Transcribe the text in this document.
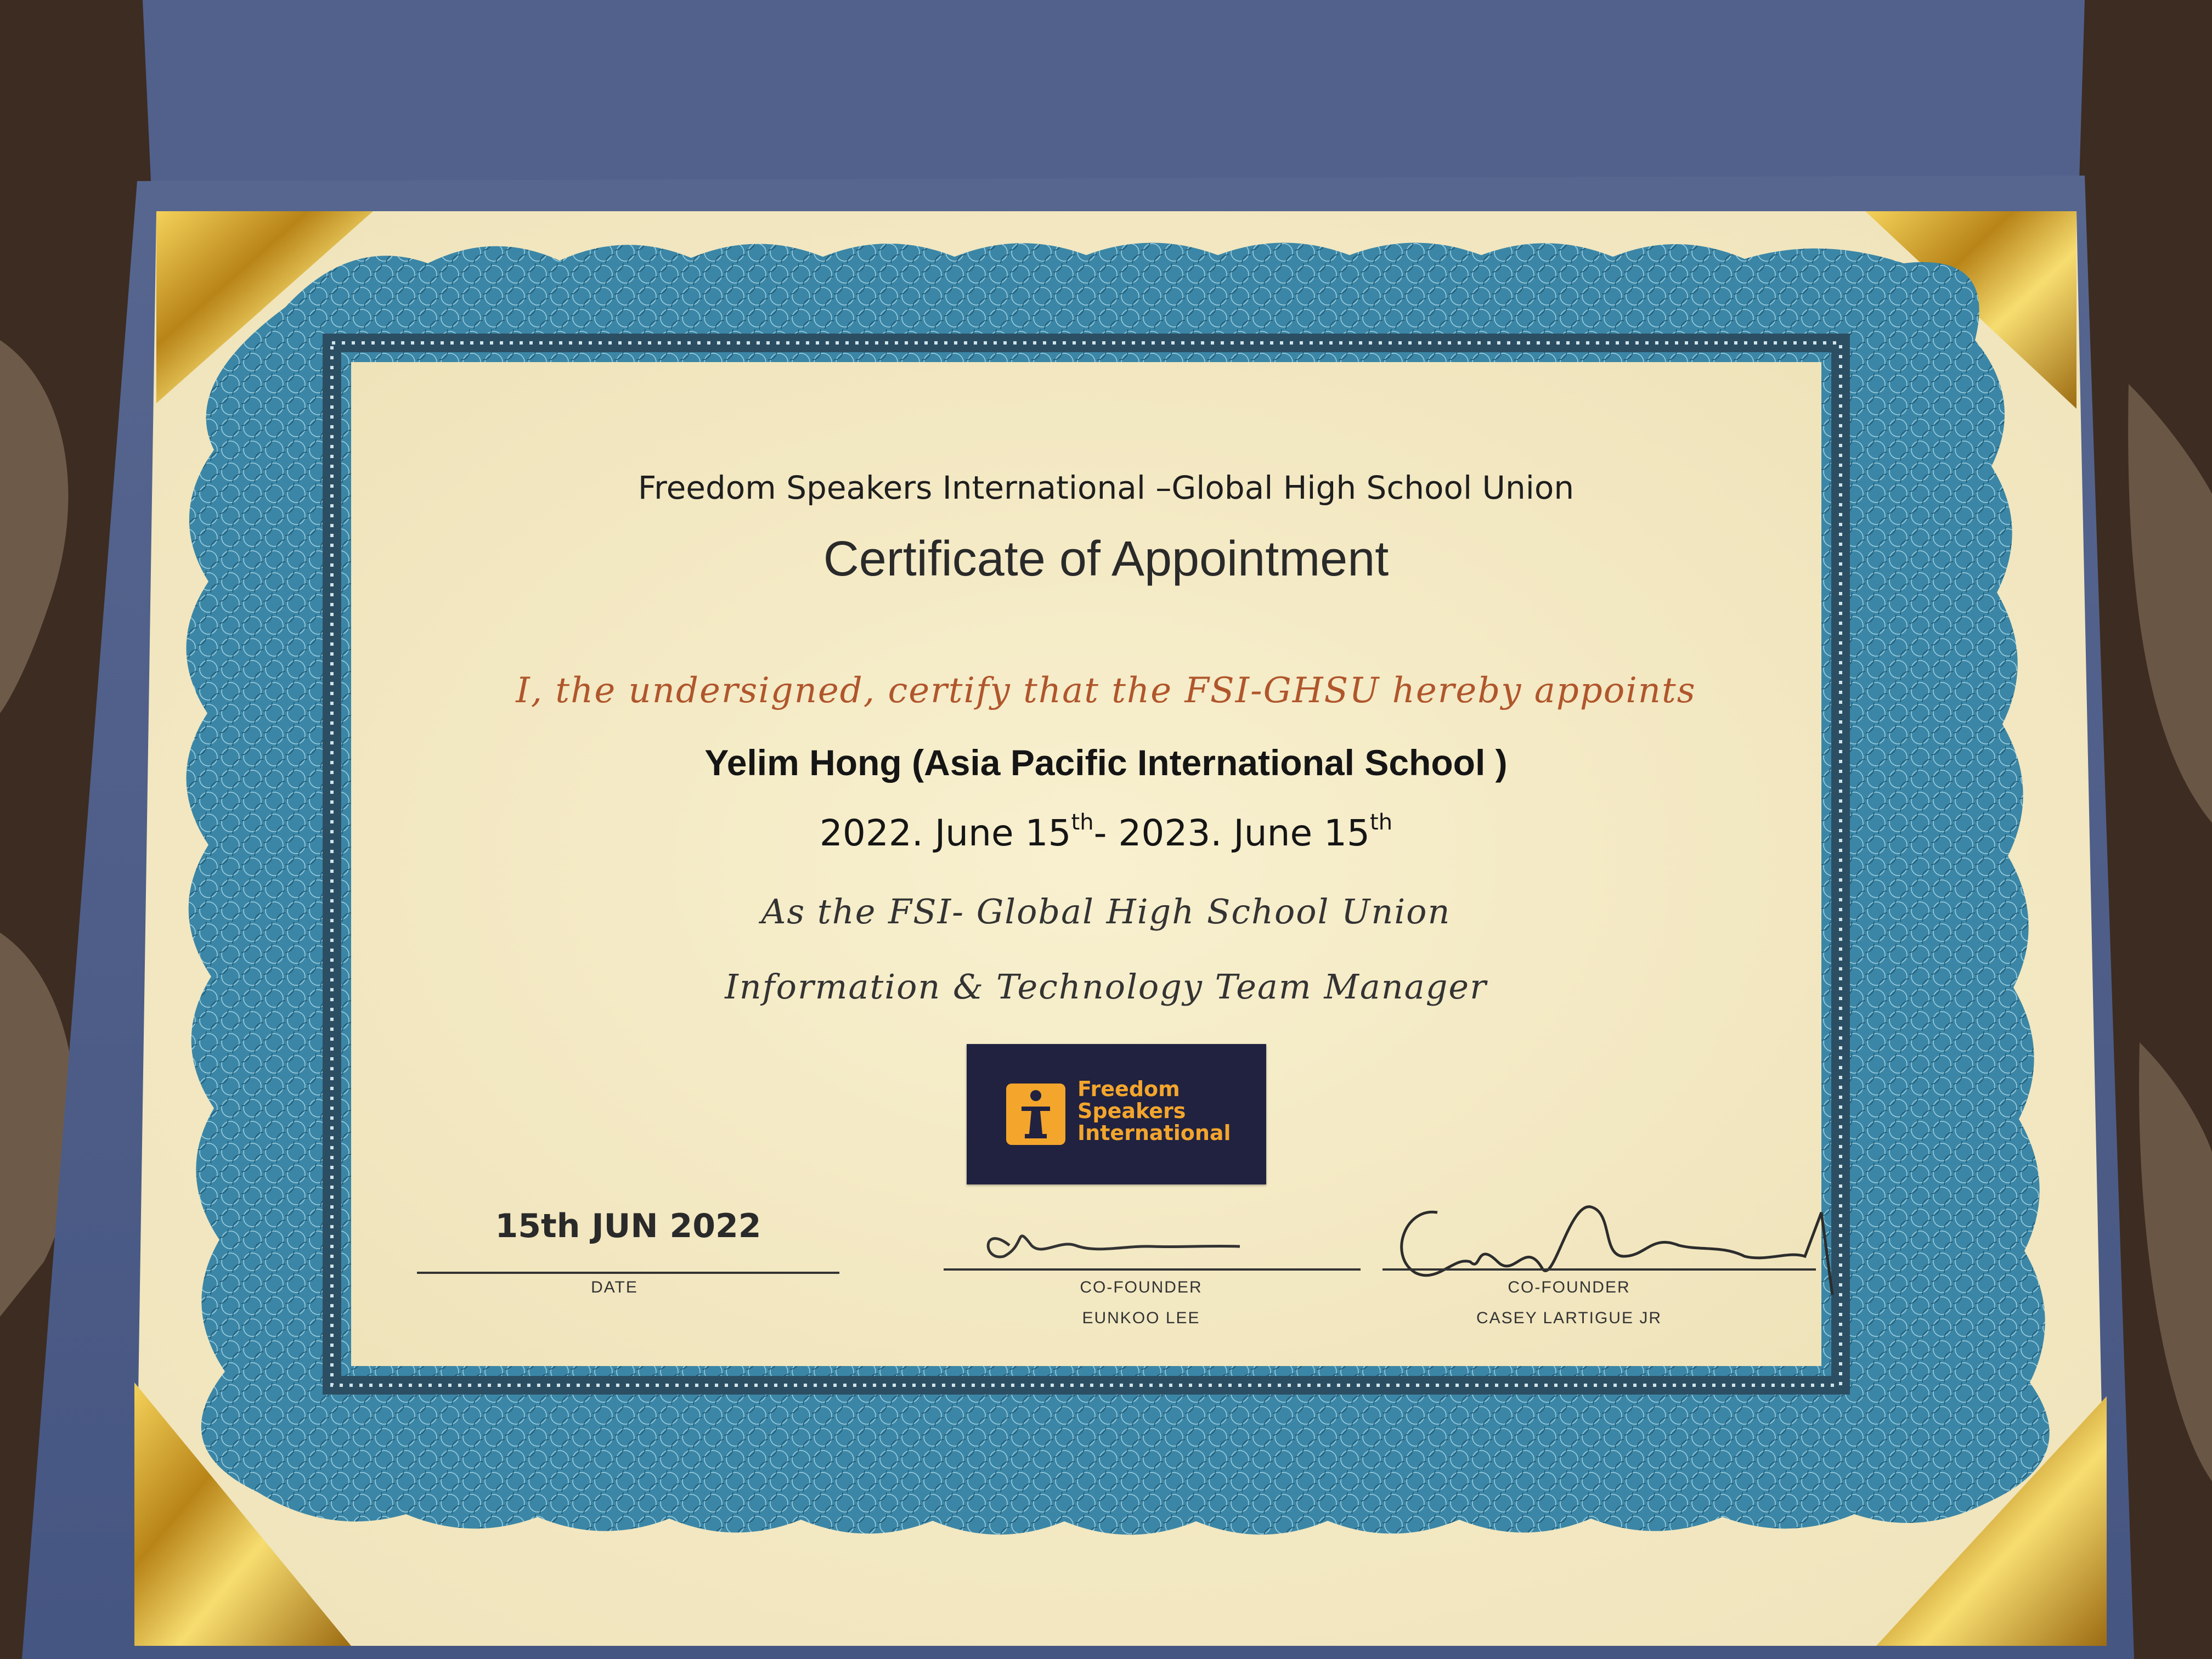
Freedom Speakers International –Global High School Union
Certificate of Appointment
I, the undersigned, certify that the FSI-GHSU hereby appoints
Yelim Hong (Asia Pacific International School )
2022. June 15th- 2023. June 15th
As the FSI- Global High School Union
Information & Technology Team Manager
Freedom
Speakers
International
15th JUN 2022
DATE	CO-FOUNDER
EUNKOO LEE
CO-FOUNDER
CASEY LARTIGUE JR
